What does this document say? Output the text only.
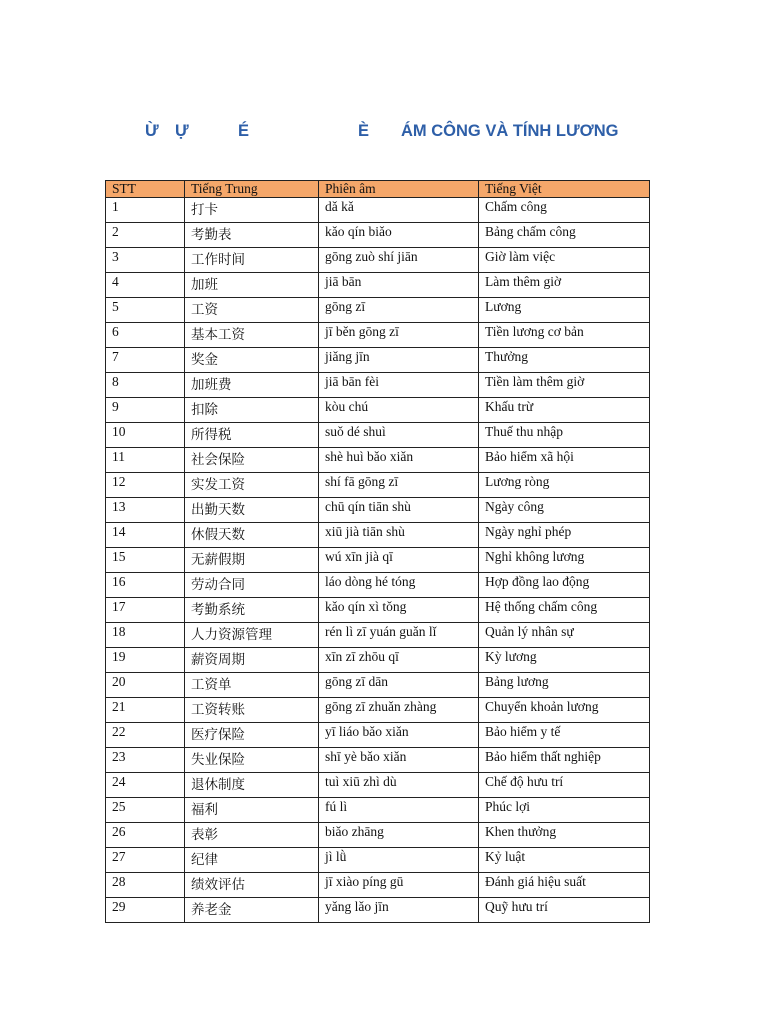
Ừ Ự	É	È ÁM CÔNG VÀ TÍNH LƯƠNG
STT	Tiếng Trung	Phiên âm	Tiếng Việt
1	打卡	dǎ kǎ	Chấm công
2	考勤表	kǎo qín biǎo	Bảng chấm công
3	工作时间	gōng zuò shí jiān	Giờ làm việc
4	加班	jiā bān	Làm thêm giờ
5	工资	gōng zī	Lương
6	基本工资	jī běn gōng zī	Tiền lương cơ bản
7	奖金	jiǎng jīn	Thưởng
8	加班费	jiā bān fèi	Tiền làm thêm giờ
9	扣除	kòu chú	Khấu trừ
10	所得税	suǒ dé shuì	Thuế thu nhập
11	社会保险	shè huì bǎo xiǎn	Bảo hiểm xã hội
12	实发工资	shí fā gōng zī	Lương ròng
13	出勤天数	chū qín tiān shù	Ngày công
14	休假天数	xiū jià tiān shù	Ngày nghỉ phép
15	无薪假期	wú xīn jià qī	Nghỉ không lương
16	劳动合同	láo dòng hé tóng	Hợp đồng lao động
17	考勤系统	kǎo qín xì tǒng	Hệ thống chấm công
18	人力资源管理	rén lì zī yuán guǎn lǐ	Quản lý nhân sự
19	薪资周期	xīn zī zhōu qī	Kỳ lương
20	工资单	gōng zī dān	Bảng lương
21	工资转账	gōng zī zhuǎn zhàng	Chuyển khoản lương
22	医疗保险	yī liáo bǎo xiǎn	Bảo hiểm y tế
23	失业保险	shī yè bǎo xiǎn	Bảo hiểm thất nghiệp
24	退休制度	tuì xiū zhì dù	Chế độ hưu trí
25	福利	fú lì	Phúc lợi
26	表彰	biǎo zhāng	Khen thưởng
27	纪律	jì lǜ	Kỷ luật
28	绩效评估	jī xiào píng gū	Đánh giá hiệu suất
29	养老金	yǎng lǎo jīn	Quỹ hưu trí
